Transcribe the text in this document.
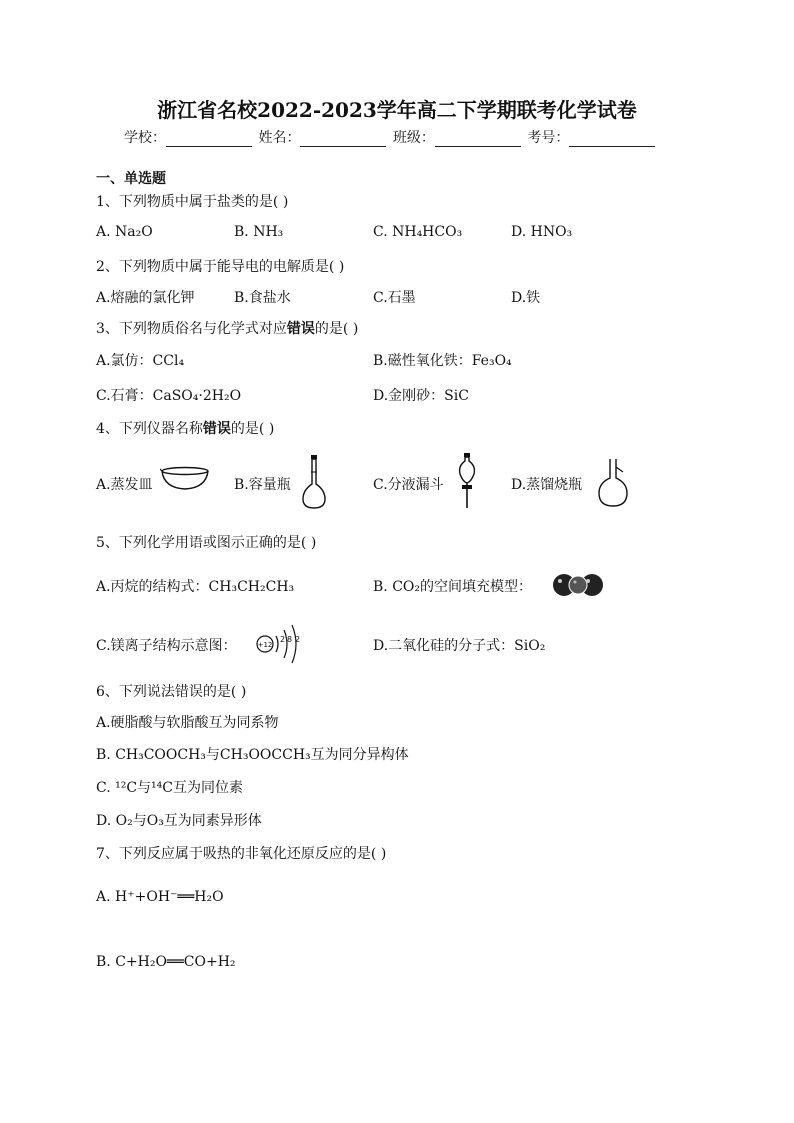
浙江省名校2022-2023学年高二下学期联考化学试卷
学校：	姓名：	班级：	考号：
一、单选题
1、下列物质中属于盐类的是( )
A. Na₂O	B. NH₃	C. NH₄HCO₃	D. HNO₃
2、下列物质中属于能导电的电解质是( )
A.熔融的氯化钾	B.食盐水	C.石墨	D.铁
3、下列物质俗名与化学式对应错误的是( )
A.氯仿：CCl₄	B.磁性氧化铁：Fe₃O₄
C.石膏：CaSO₄·2H₂O	D.金刚砂：SiC
4、下列仪器名称错误的是( )
A.蒸发皿	B.容量瓶	C.分液漏斗	D.蒸馏烧瓶
5、下列化学用语或图示正确的是( )
A.丙烷的结构式：CH₃CH₂CH₃	B. CO₂的空间填充模型：
C.镁离子结构示意图：	+12
2 8 2	D.二氧化硅的分子式：SiO₂
6、下列说法错误的是( )
A.硬脂酸与软脂酸互为同系物
B. CH₃COOCH₃与CH₃OOCCH₃互为同分异构体
C. ¹²C与¹⁴C互为同位素
D. O₂与O₃互为同素异形体
7、下列反应属于吸热的非氧化还原反应的是( )
A. H⁺+OH⁻══H₂O
B. C+H₂O══CO+H₂
